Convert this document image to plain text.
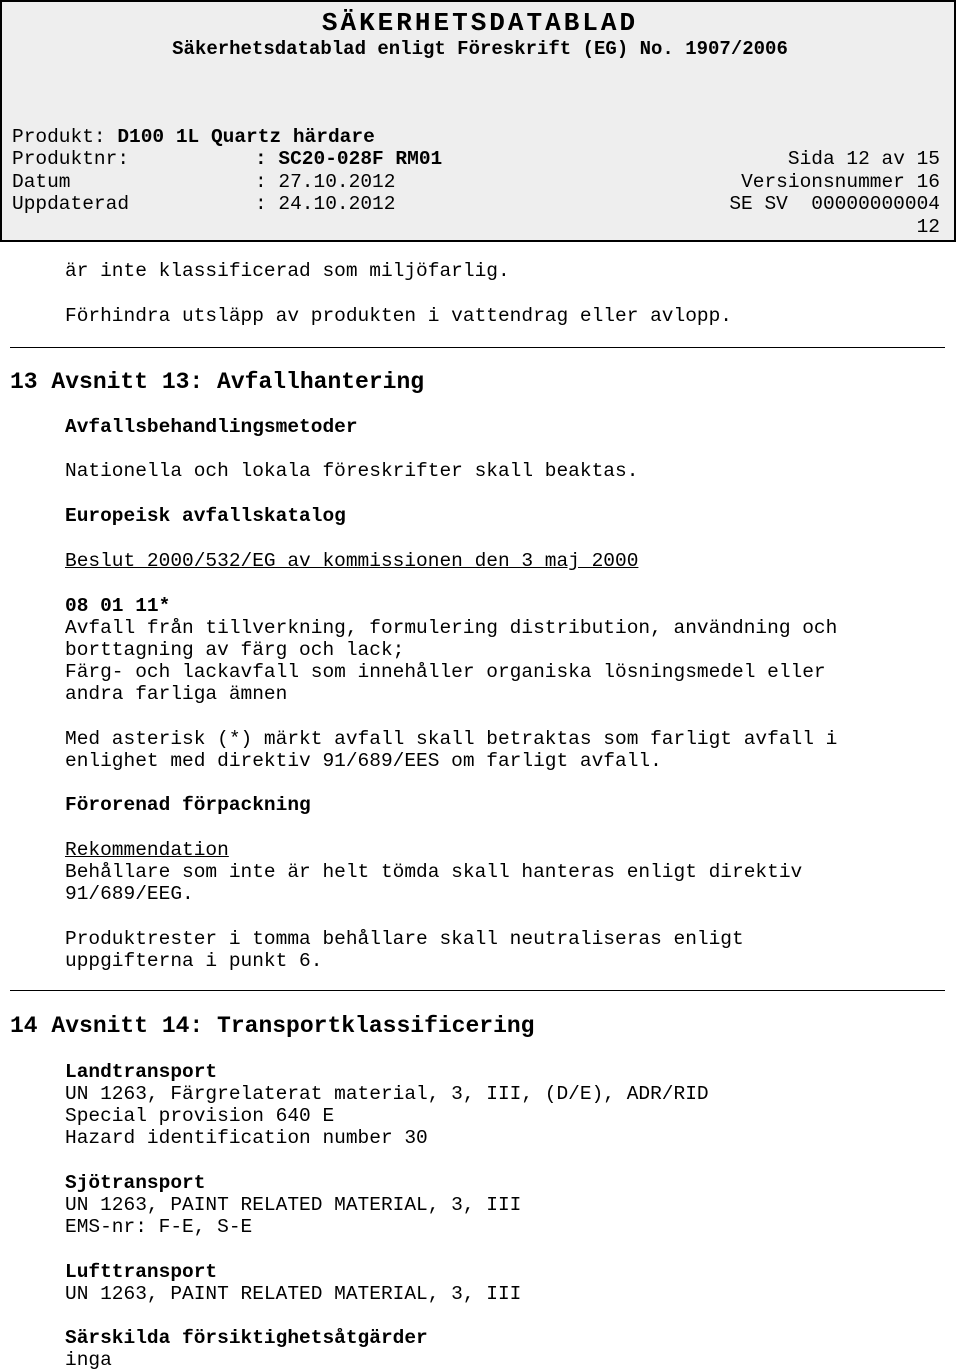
SÄKERHETSDATABLAD
Säkerhetsdatablad enligt Föreskrift (EG) No. 1907/2006
Produkt: D100 1L Quartz härdare
Produktnr:	: SC20-028F RM01
Datum	: 27.10.2012
Uppdaterad	: 24.10.2012
Sida 12 av 15
Versionsnummer 16
SE SV  00000000004
12
är inte klassificerad som miljöfarlig.
Förhindra utsläpp av produkten i vattendrag eller avlopp.
13 Avsnitt 13: Avfallhantering
Avfallsbehandlingsmetoder
Nationella och lokala föreskrifter skall beaktas.
Europeisk avfallskatalog
Beslut 2000/532/EG av kommissionen den 3 maj 2000
08 01 11*
Avfall från tillverkning, formulering distribution, användning och
borttagning av färg och lack;
Färg- och lackavfall som innehåller organiska lösningsmedel eller
andra farliga ämnen
Med asterisk (*) märkt avfall skall betraktas som farligt avfall i
enlighet med direktiv 91/689/EES om farligt avfall.
Förorenad förpackning
Rekommendation
Behållare som inte är helt tömda skall hanteras enligt direktiv
91/689/EEG.
Produktrester i tomma behållare skall neutraliseras enligt
uppgifterna i punkt 6.
14 Avsnitt 14: Transportklassificering
Landtransport
UN 1263, Färgrelaterat material, 3, III, (D/E), ADR/RID
Special provision 640 E
Hazard identification number 30
Sjötransport
UN 1263, PAINT RELATED MATERIAL, 3, III
EMS-nr: F-E, S-E
Lufttransport
UN 1263, PAINT RELATED MATERIAL, 3, III
Särskilda försiktighetsåtgärder
inga
